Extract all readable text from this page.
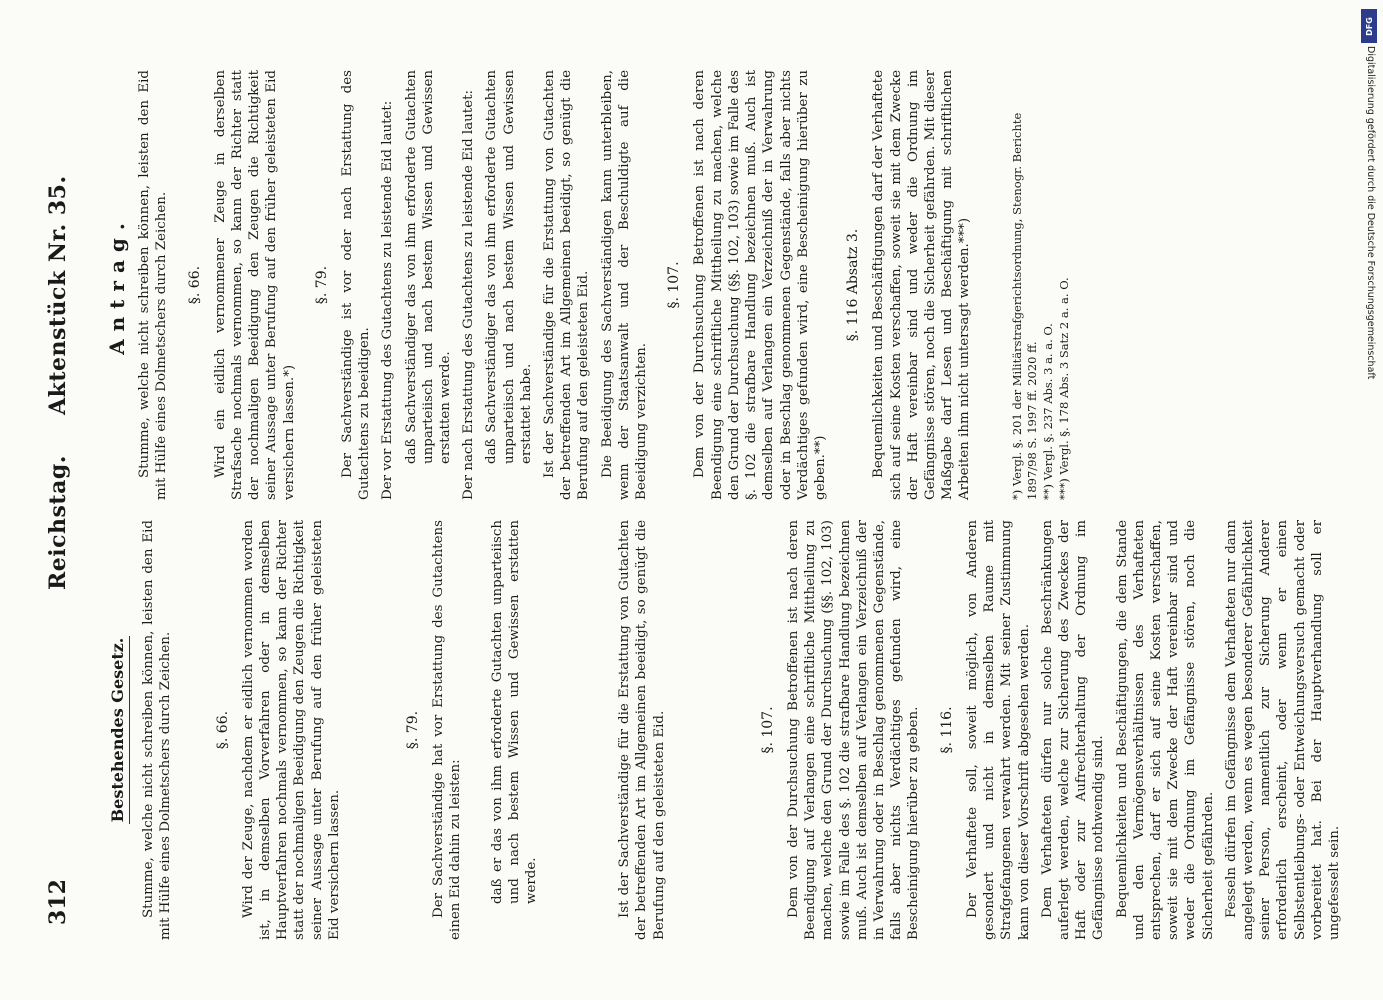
312
Reichstag. Aktenstück Nr. 35.
Bestehendes Gesetz. Stumme, welche nicht schreiben können, leisten den Eid mit Hülfe eines Dolmetschers durch Zeichen.	§. 66. Wird der Zeuge, nachdem er eidlich vernommen worden ist, in demselben Vorverfahren oder in demselben Hauptverfahren nochmals vernommen, so kann der Richter statt der nochmaligen Beeidigung den Zeugen die Richtigkeit seiner Aussage unter Berufung auf den früher geleisteten Eid versichern lassen.

§. 79. Der Sachverständige hat vor Erstattung des Gutachtens einen Eid dahin zu leisten: daß er das von ihm erforderte Gutachten unparteiisch und nach bestem Wissen und Gewissen erstatten werde.	Ist der Sachverständige für die Erstattung von Gutachten der betreffenden Art im Allgemeinen beeidigt, so genügt die Berufung auf den geleisteten Eid.	§. 107. Dem von der Durchsuchung Betroffenen ist nach deren Beendigung auf Verlangen eine schriftliche Mittheilung zu machen, welche den Grund der Durchsuchung (§§. 102, 103) sowie im Falle des §. 102 die strafbare Handlung bezeichnen muß. Auch ist demselben auf Verlangen ein Verzeichniß der in Verwahrung oder in Beschlag genommenen Gegenstände, falls aber nichts Verdächtiges gefunden wird, eine Bescheinigung hierüber zu geben. §. 116. Der Verhaftete soll, soweit möglich, von Anderen gesondert und nicht in demselben Raume mit Strafgefangenen verwahrt werden. Mit seiner Zustimmung kann von dieser Vorschrift abgesehen werden. Dem Verhafteten dürfen nur solche Beschränkungen auferlegt werden, welche zur Sicherung des Zweckes der Haft oder zur Aufrechterhaltung der Ordnung im Gefängnisse nothwendig sind. Bequemlichkeiten und Beschäftigungen, die dem Stande und den Vermögensverhältnissen des Verhafteten entsprechen, darf er sich auf seine Kosten verschaffen, soweit sie mit dem Zwecke der Haft vereinbar sind und weder die Ordnung im Gefängnisse stören, noch die Sicherheit gefährden. Fesseln dürfen im Gefängnisse dem Verhafteten nur dann angelegt werden, wenn es wegen besonderer Gefährlichkeit seiner Person, namentlich zur Sicherung Anderer erforderlich erscheint, oder wenn er einen Selbstentleibungs- oder Entweichungsversuch gemacht oder vorbereitet hat. Bei der Hauptverhandlung soll er ungefesselt sein.

Antrag. Stumme, welche nicht schreiben können, leisten den Eid mit Hülfe eines Dolmetschers durch Zeichen. §. 66. Wird ein eidlich vernommener Zeuge in derselben Strafsache nochmals vernommen, so kann der Richter statt der nochmaligen Beeidigung den Zeugen die Richtigkeit seiner Aussage unter Berufung auf den früher geleisteten Eid versichern lassen.*)

§. 79. Der Sachverständige ist vor oder nach Erstattung des Gutachtens zu beeidigen. Der vor Erstattung des Gutachtens zu leistende Eid lautet: daß Sachverständiger das von ihm erforderte Gutachten unparteiisch und nach bestem Wissen und Gewissen erstatten werde. Der nach Erstattung des Gutachtens zu leistende Eid lautet: daß Sachverständiger das von ihm erforderte Gutachten unparteiisch und nach bestem Wissen und Gewissen erstattet habe. Ist der Sachverständige für die Erstattung von Gutachten der betreffenden Art im Allgemeinen beeidigt, so genügt die Berufung auf den geleisteten Eid. Die Beeidigung des Sachverständigen kann unterbleiben, wenn der Staatsanwalt und der Beschuldigte auf die Beeidigung verzichten.

§. 107. Dem von der Durchsuchung Betroffenen ist nach deren Beendigung eine schriftliche Mittheilung zu machen, welche den Grund der Durchsuchung (§§. 102, 103) sowie im Falle des §. 102 die strafbare Handlung bezeichnen muß. Auch ist demselben auf Verlangen ein Verzeichniß der in Verwahrung oder in Beschlag genommenen Gegenstände, falls aber nichts Verdächtiges gefunden wird, eine Bescheinigung hierüber zu geben.**)

§. 116 Absatz 3. Bequemlichkeiten und Beschäftigungen darf der Verhaftete sich auf seine Kosten verschaffen, soweit sie mit dem Zwecke der Haft vereinbar sind und weder die Ordnung im Gefängnisse stören, noch die Sicherheit gefährden. Mit dieser Maßgabe darf Lesen und Beschäftigung mit schriftlichen Arbeiten ihm nicht untersagt werden.***)	*) Vergl. §. 201 der Militärstrafgerichtsordnung, Stenogr. Berichte 1897/98 S. 1997 ff. 2020 ff. **) Vergl. §. 237 Abs. 3 a. a. O. ***) Vergl. §. 178 Abs. 3 Satz 2 a. a. O.
DFG
Digitalisierung gefördert durch die Deutsche Forschungsgemeinschaft
